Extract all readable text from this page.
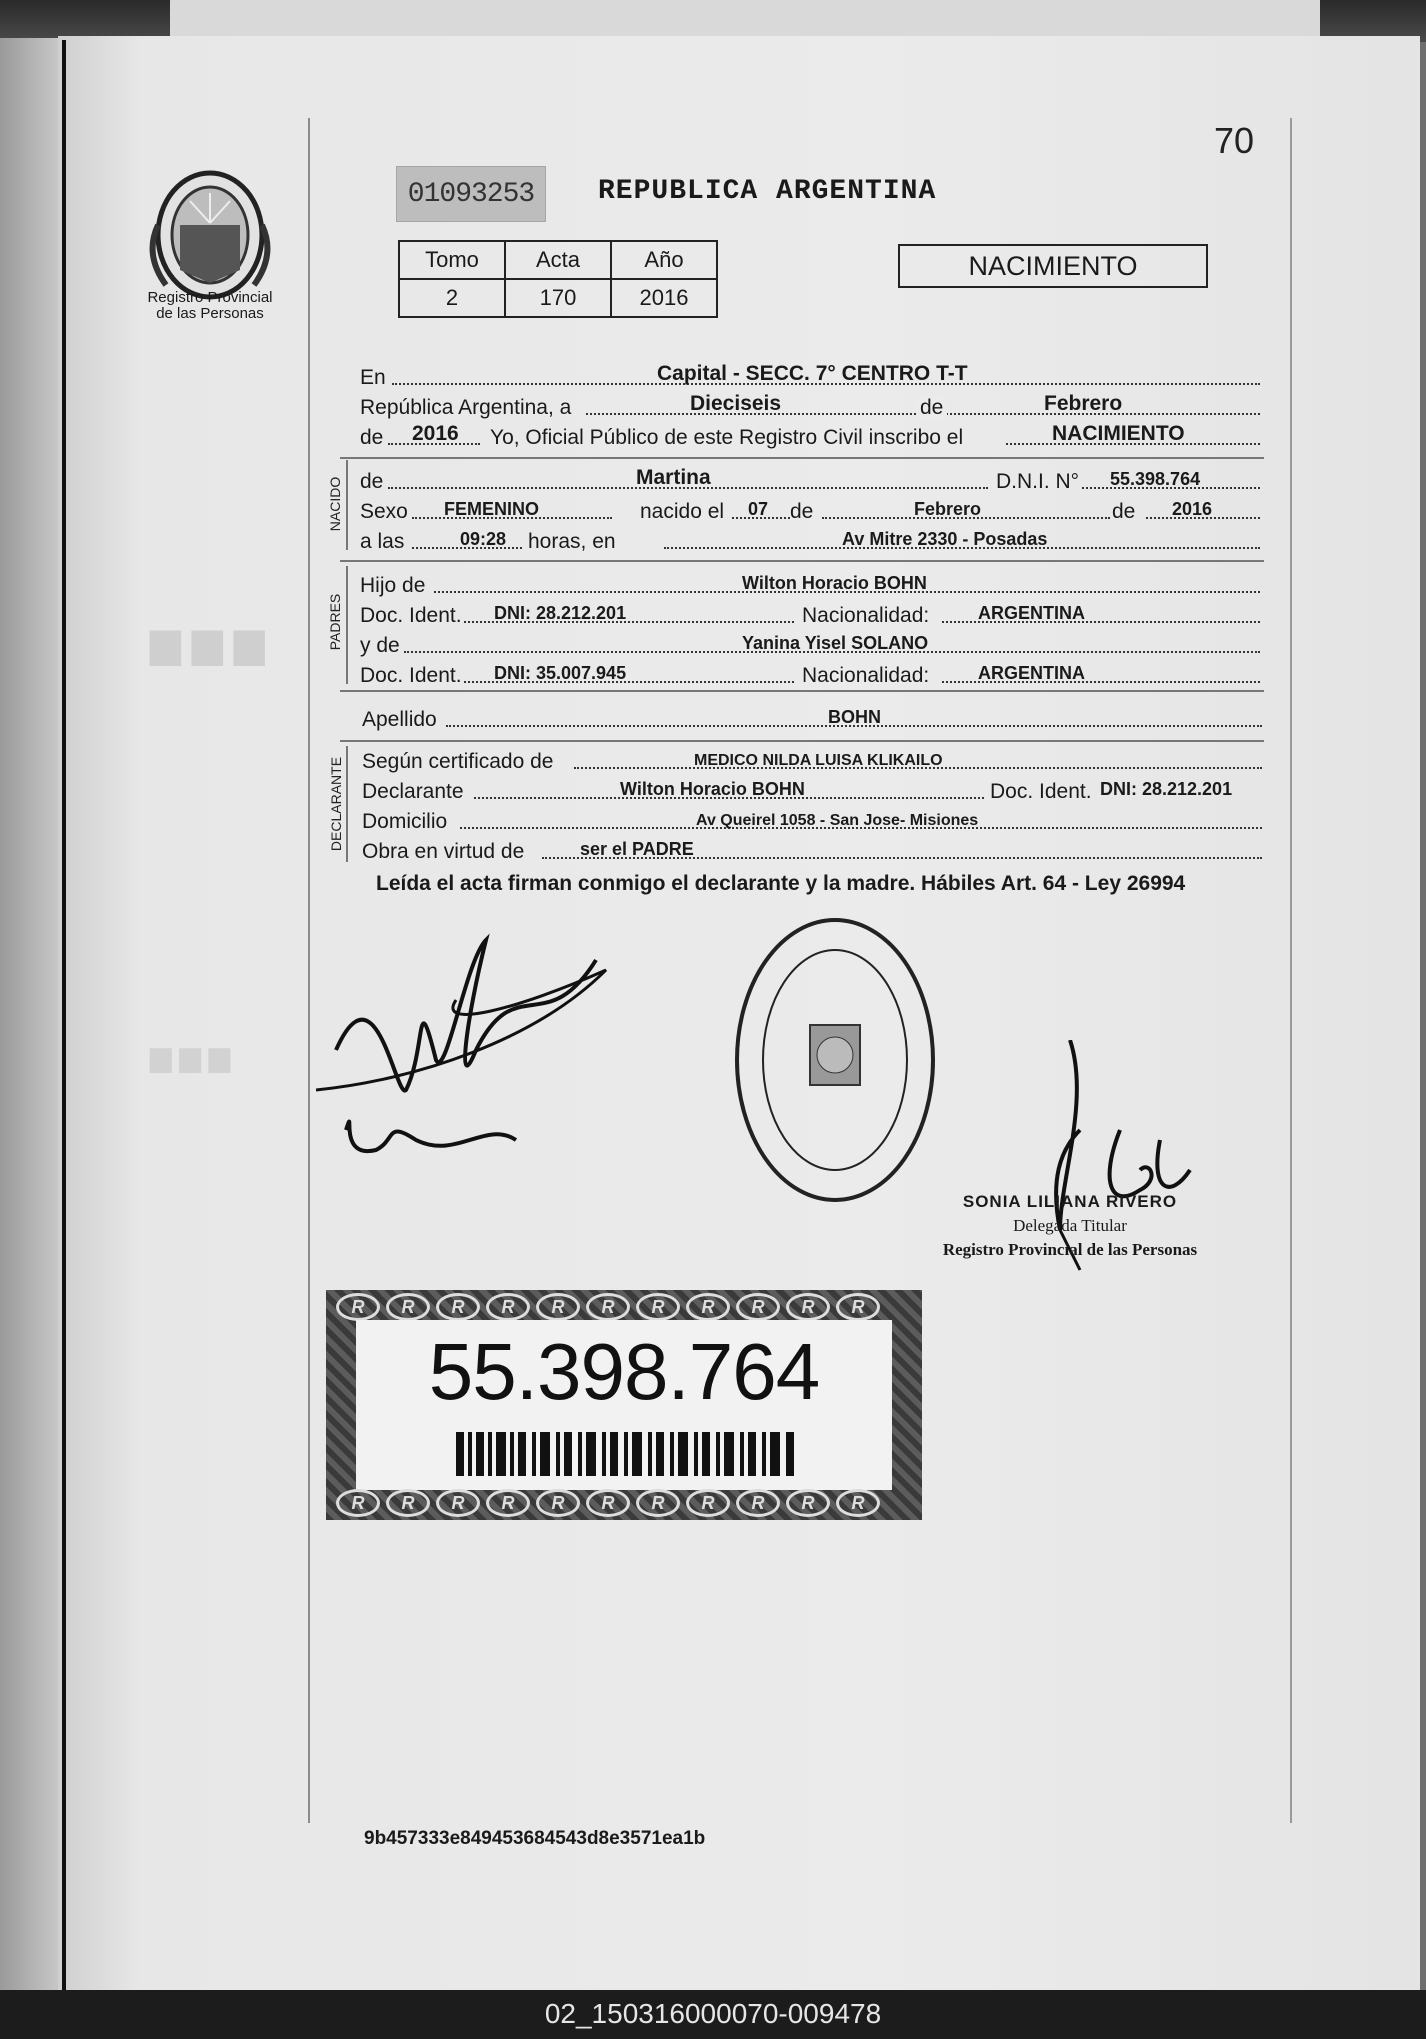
70
▆ ▆ ▆
▆ ▆ ▆
Registro Provincial
de las Personas
01093253	REPUBLICA ARGENTINA
Tomo	Acta	Año
2	170	2016
NACIMIENTO
En	Capital - SECC. 7° CENTRO T-T
República Argentina, a	Dieciseis	de	Febrero
de 2016 Yo, Oficial Público de este Registro Civil inscribo el	NACIMIENTO
NACIDO de	Martina	D.N.I. N° 55.398.764
Sexo FEMENINO	nacido el 07 de	Febrero	de 2016
a las	09:28 horas, en	Av Mitre 2330 - Posadas
PADRES
Hijo de	Wilton Horacio BOHN
Doc. Ident. DNI: 28.212.201	Nacionalidad:	ARGENTINA
y de	Yanina Yisel SOLANO
Doc. Ident. DNI: 35.007.945	Nacionalidad:	ARGENTINA
Apellido	BOHN
DECLARANTE Según certificado de	MEDICO NILDA LUISA KLIKAILO
Declarante	Wilton Horacio BOHN	Doc. Ident. DNI: 28.212.201
Domicilio	Av Queirel 1058 - San Jose- Misiones
Obra en virtud de	ser el PADRE
Leída el acta firman conmigo el declarante y la madre. Hábiles Art. 64 - Ley 26994
SONIA LILIANA RIVERO
Delegada Titular
Registro Provincial de las Personas
R	R	R	R	R	R	R	R	R	R	R
55.398.764
R	R	R	R	R	R	R	R	R	R	R
9b457333e849453684543d8e3571ea1b
02_150316000070-009478
